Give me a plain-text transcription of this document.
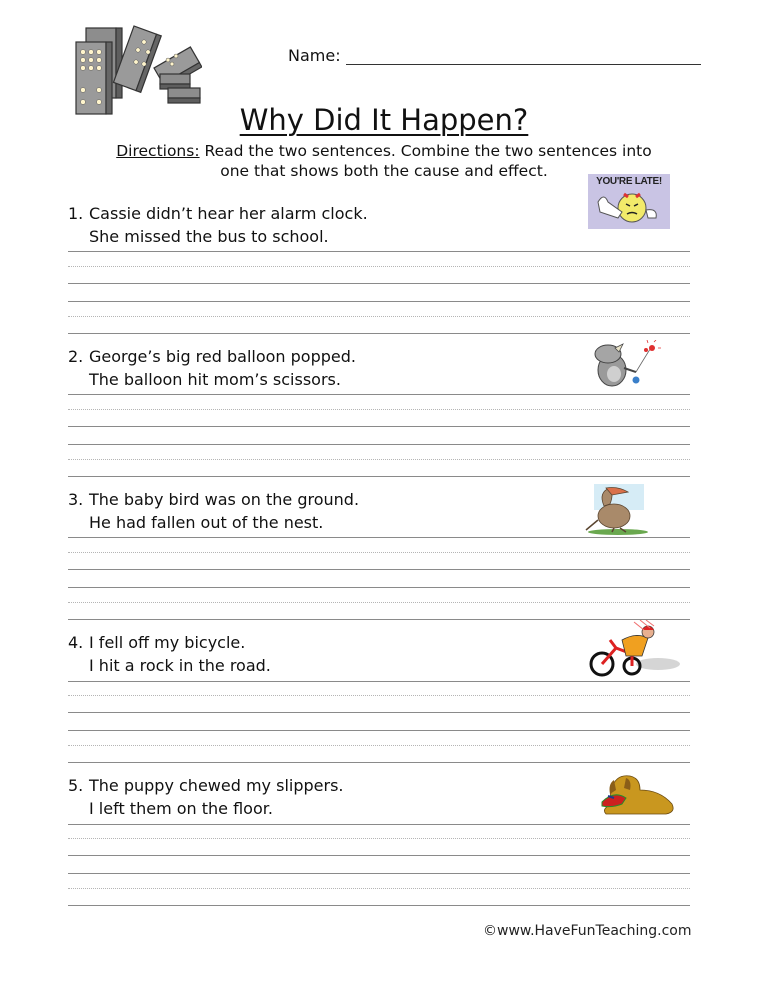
Name:
Why Did It Happen?
Directions: Read the two sentences. Combine the two sentences into
one that shows both the cause and effect.
1. Cassie didn’t hear her alarm clock.
She missed the bus to school.
YOU'RE LATE!
2. George’s big red balloon popped.
The balloon hit mom’s scissors.
3. The baby bird was on the ground.
He had fallen out of the nest.
4. I fell off my bicycle.
I hit a rock in the road.
5. The puppy chewed my slippers.
I left them on the floor.
©www.HaveFunTeaching.com
